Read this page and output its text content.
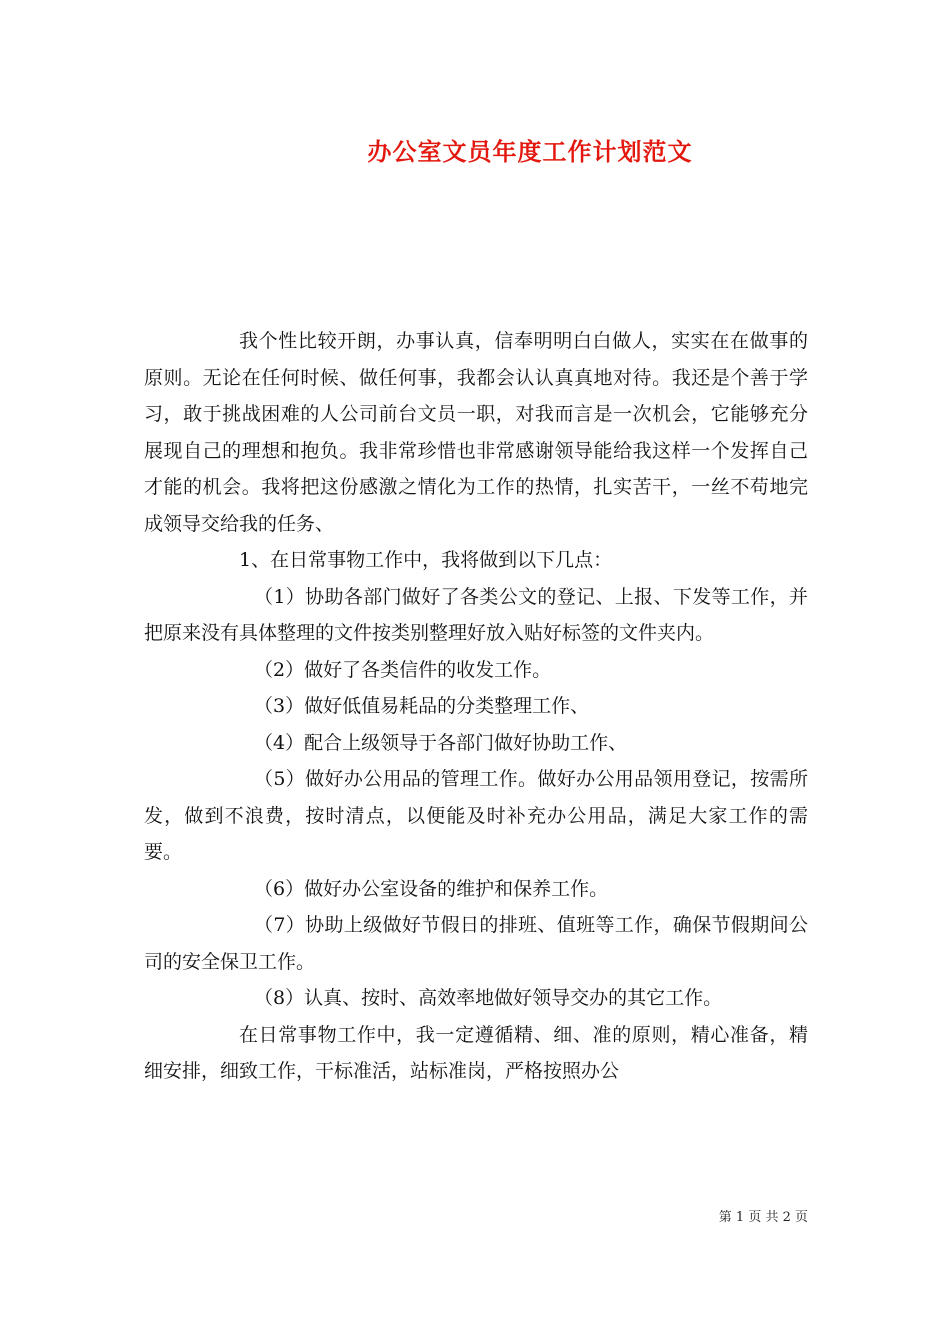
办公室文员年度工作计划范文

我个性比较开朗，办事认真，信奉明明白白做人，实实在在做事的原则。无论在任何时候、做任何事，我都会认认真真地对待。我还是个善于学习，敢于挑战困难的人公司前台文员一职，对我而言是一次机会，它能够充分展现自己的理想和抱负。我非常珍惜也非常感谢领导能给我这样一个发挥自己才能的机会。我将把这份感激之情化为工作的热情，扎实苦干，一丝不苟地完成领导交给我的任务、

1、在日常事物工作中，我将做到以下几点：

（1）协助各部门做好了各类公文的登记、上报、下发等工作，并把原来没有具体整理的文件按类别整理好放入贴好标签的文件夹内。

（2）做好了各类信件的收发工作。

（3）做好低值易耗品的分类整理工作、

（4）配合上级领导于各部门做好协助工作、

（5）做好办公用品的管理工作。做好办公用品领用登记，按需所发，做到不浪费，按时清点，以便能及时补充办公用品，满足大家工作的需要。

（6）做好办公室设备的维护和保养工作。

（7）协助上级做好节假日的排班、值班等工作，确保节假期间公司的安全保卫工作。

（8）认真、按时、高效率地做好领导交办的其它工作。

在日常事物工作中，我一定遵循精、细、准的原则，精心准备，精细安排，细致工作，干标准活，站标准岗，严格按照办公

第 1 页 共 2 页
